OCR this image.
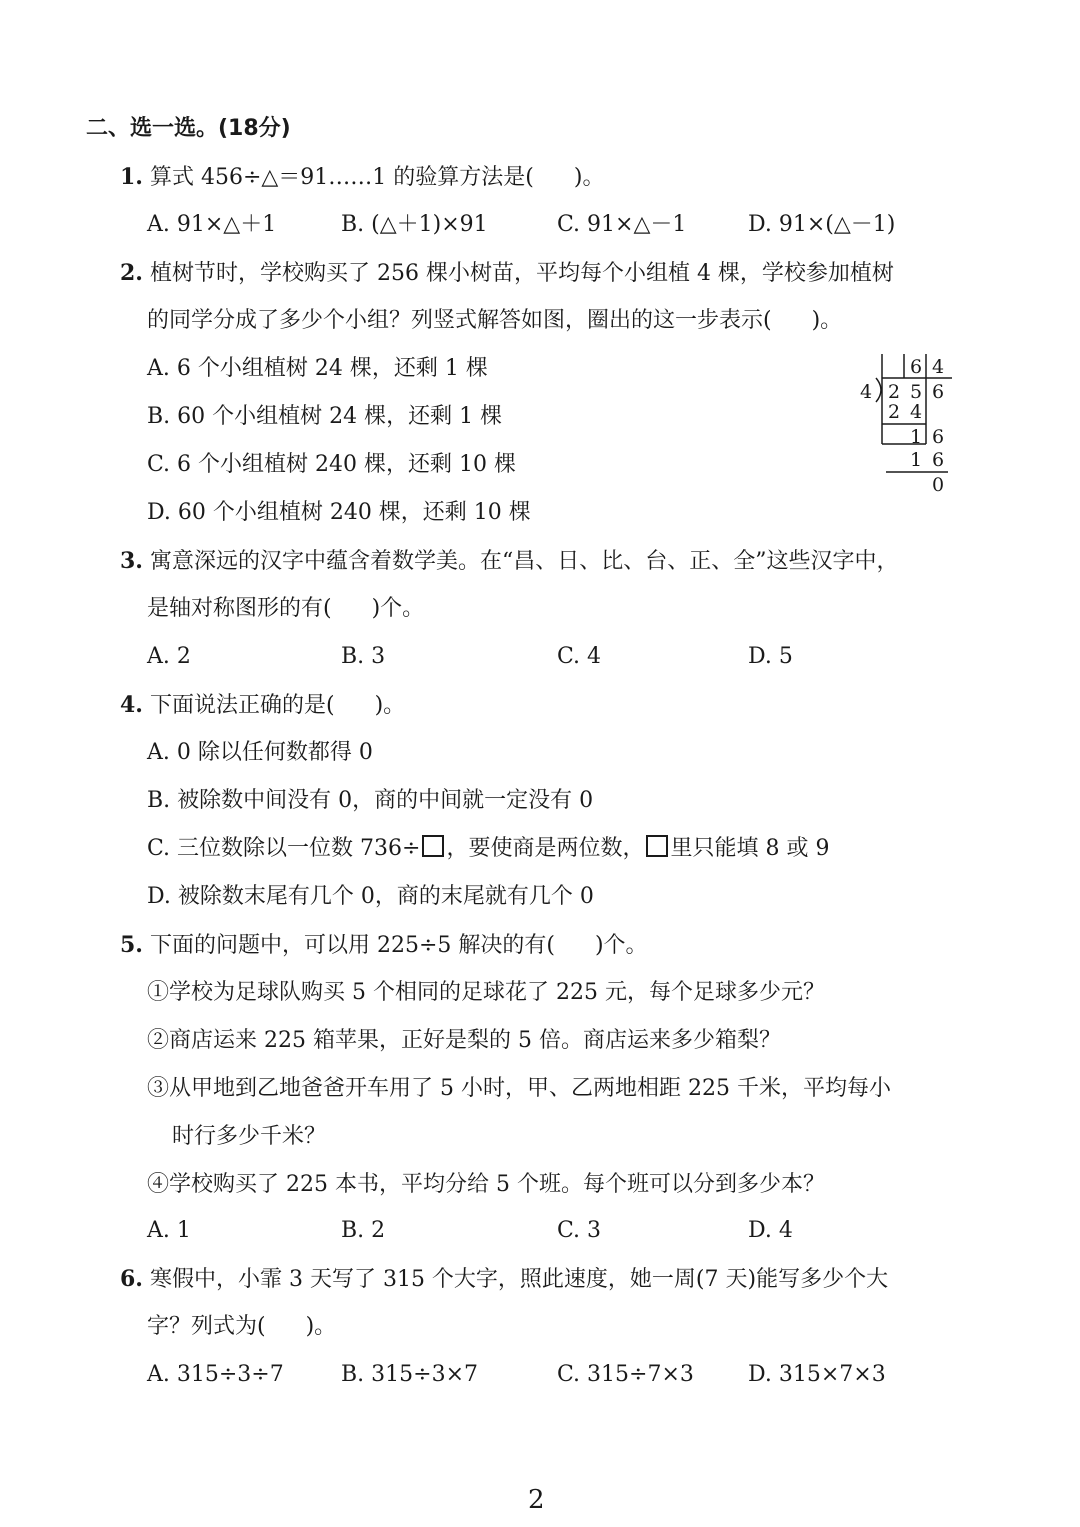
二、选一选。(18分)
1. 算式 456÷△＝91……1 的验算方法是( )。
A. 91×△＋1	B. (△＋1)×91	C. 91×△－1	D. 91×(△－1)
2. 植树节时，学校购买了 256 棵小树苗，平均每个小组植 4 棵，学校参加植树
的同学分成了多少个小组？列竖式解答如图，圈出的这一步表示( )。
A. 6 个小组植树 24 棵，还剩 1 棵
B. 60 个小组植树 24 棵，还剩 1 棵
C. 6 个小组植树 240 棵，还剩 10 棵
D. 60 个小组植树 240 棵，还剩 10 棵
6 4
4 2 5 6
2 4
1 6
1 6
0
3. 寓意深远的汉字中蕴含着数学美。在“昌、日、比、台、正、全”这些汉字中，
是轴对称图形的有( )个。
A. 2	B. 3	C. 4	D. 5
4. 下面说法正确的是( )。
A. 0 除以任何数都得 0
B. 被除数中间没有 0，商的中间就一定没有 0
C. 三位数除以一位数 736÷ ，要使商是两位数， 里只能填 8 或 9
D. 被除数末尾有几个 0，商的末尾就有几个 0
5. 下面的问题中，可以用 225÷5 解决的有( )个。
①学校为足球队购买 5 个相同的足球花了 225 元，每个足球多少元？
②商店运来 225 箱苹果，正好是梨的 5 倍。商店运来多少箱梨？
③从甲地到乙地爸爸开车用了 5 小时，甲、乙两地相距 225 千米，平均每小
时行多少千米？
④学校购买了 225 本书，平均分给 5 个班。每个班可以分到多少本？
A. 1	B. 2	C. 3	D. 4
6. 寒假中，小霏 3 天写了 315 个大字，照此速度，她一周(7 天)能写多少个大
字？列式为( )。
A. 315÷3÷7	B. 315÷3×7	C. 315÷7×3 D. 315×7×3
2
